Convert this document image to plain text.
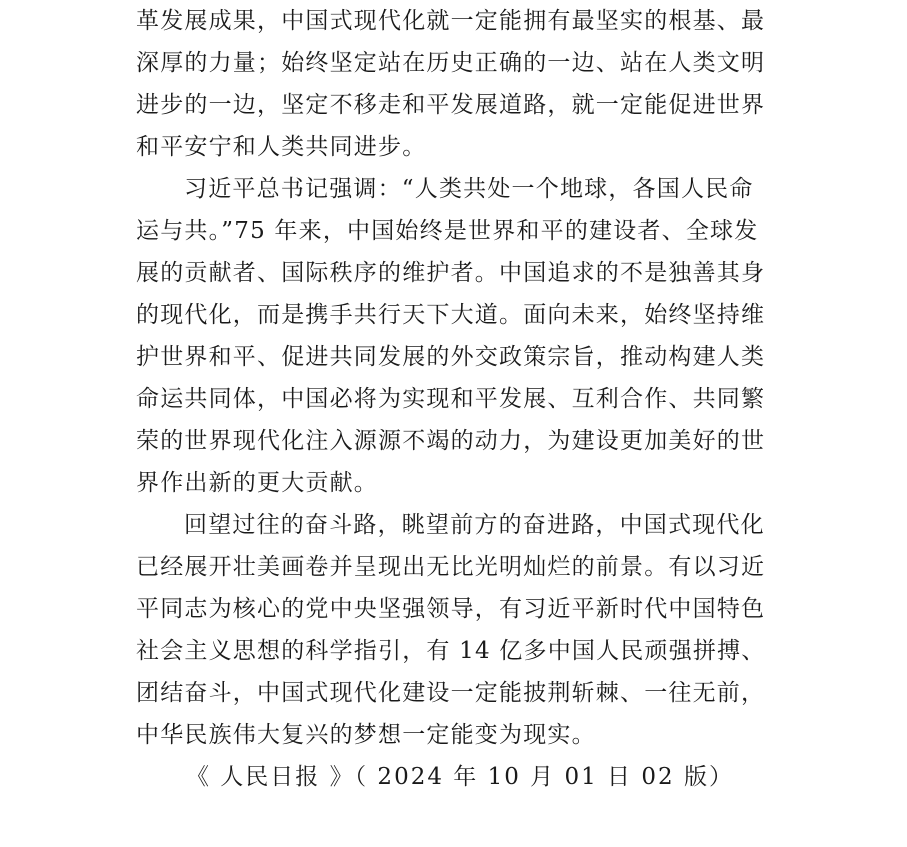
革发展成果，中国式现代化就一定能拥有最坚实的根基、最
深厚的力量；始终坚定站在历史正确的一边、站在人类文明
进步的一边，坚定不移走和平发展道路，就一定能促进世界
和平安宁和人类共同进步。
习近平总书记强调：“人类共处一个地球，各国人民命
运与共。”75 年来，中国始终是世界和平的建设者、全球发
展的贡献者、国际秩序的维护者。中国追求的不是独善其身
的现代化，而是携手共行天下大道。面向未来，始终坚持维
护世界和平、促进共同发展的外交政策宗旨，推动构建人类
命运共同体，中国必将为实现和平发展、互利合作、共同繁
荣的世界现代化注入源源不竭的动力，为建设更加美好的世
界作出新的更大贡献。
回望过往的奋斗路，眺望前方的奋进路，中国式现代化
已经展开壮美画卷并呈现出无比光明灿烂的前景。有以习近
平同志为核心的党中央坚强领导，有习近平新时代中国特色
社会主义思想的科学指引，有 14 亿多中国人民顽强拼搏、
团结奋斗，中国式现代化建设一定能披荆斩棘、一往无前，
中华民族伟大复兴的梦想一定能变为现实。
《 人民日报 》（ 2024 年 10 月 01 日 02 版）
